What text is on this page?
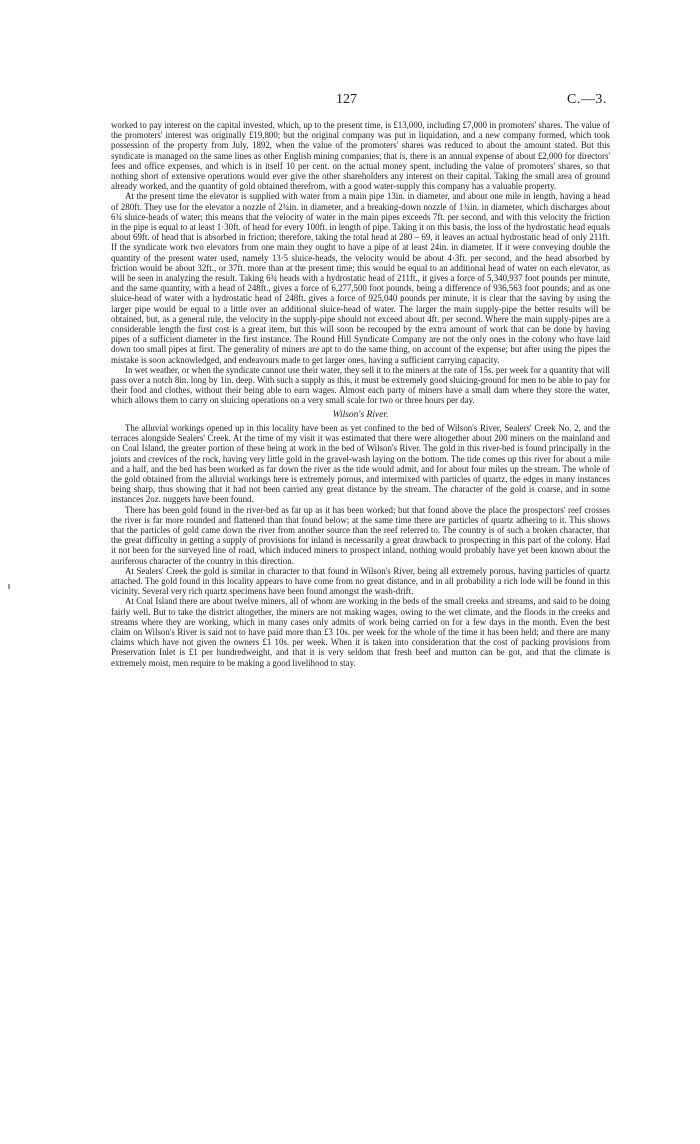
127	C.—3.

worked to pay interest on the capital invested, which, up to the present time, is £13,000, including £7,000 in promoters' shares. The value of the promoters' interest was originally £19,800; but the original company was put in liquidation, and a new company formed, which took possession of the property from July, 1892, when the value of the promoters' shares was reduced to about the amount stated. But this syndicate is managed on the same lines as other English mining companies; that is, there is an annual expense of about £2,000 for directors' fees and office expenses, and which is in itself 10 per cent. on the actual money spent, including the value of promoters' shares, so that nothing short of extensive operations would ever give the other shareholders any interest on their capital. Taking the small area of ground already worked, and the quantity of gold obtained therefrom, with a good water-supply this company has a valuable property.

At the present time the elevator is supplied with water from a main pipe 13in. in diameter, and about one mile in length, having a head of 280ft. They use for the elevator a nozzle of 2¾in. in diameter, and a breaking-down nozzle of 1¾in. in diameter, which discharges about 6¾ sluice-heads of water; this means that the velocity of water in the main pipes exceeds 7ft. per second, and with this velocity the friction in the pipe is equal to at least 1·30ft. of head for every 100ft. in length of pipe. Taking it on this basis, the loss of the hydrostatic head equals about 69ft. of head that is absorbed in friction; therefore, taking the total head at 280 – 69, it leaves an actual hydrostatic head of only 211ft. If the syndicate work two elevators from one main they ought to have a pipe of at least 24in. in diameter. If it were conveying double the quantity of the present water used, namely 13·5 sluice-heads, the velocity would be about 4·3ft. per second, and the head absorbed by friction would be about 32ft., or 37ft. more than at the present time; this would be equal to an additional head of water on each elevator, as will be seen in analyzing the result. Taking 6¾ heads with a hydrostatic head of 211ft., it gives a force of 5,340,937 foot pounds per minute, and the same quantity, with a head of 248ft., gives a force of 6,277,500 foot pounds, being a difference of 936,563 foot pounds; and as one sluice-head of water with a hydrostatic head of 248ft. gives a force of 925,040 pounds per minute, it is clear that the saving by using the larger pipe would be equal to a little over an additional sluice-head of water. The larger the main supply-pipe the better results will be obtained, but, as a general rule, the velocity in the supply-pipe should not exceed about 4ft. per second. Where the main supply-pipes are a considerable length the first cost is a great item, but this will soon be recouped by the extra amount of work that can be done by having pipes of a sufficient diameter in the first instance. The Round Hill Syndicate Company are not the only ones in the colony who have laid down too small pipes at first. The generality of miners are apt to do the same thing, on account of the expense; but after using the pipes the mistake is soon acknowledged, and endeavours made to get larger ones, having a sufficient carrying capacity.

In wet weather, or when the syndicate cannot use their water, they sell it to the miners at the rate of 15s. per week for a quantity that will pass over a notch 8in. long by 1in. deep. With such a supply as this, it must be extremely good sluicing-ground for men to be able to pay for their food and clothes, without their being able to earn wages. Almost each party of miners have a small dam where they store the water, which allows them to carry on sluicing operations on a very small scale for two or three hours per day.

Wilson's River.

The alluvial workings opened up in this locality have been as yet confined to the bed of Wilson's River, Sealers' Creek No. 2, and the terraces alongside Sealers' Creek. At the time of my visit it was estimated that there were altogether about 200 miners on the mainland and on Coal Island, the greater portion of these being at work in the bed of Wilson's River. The gold in this river-bed is found principally in the joints and crevices of the rock, having very little gold in the gravel-wash laying on the bottom. The tide comes up this river for about a mile and a half, and the bed has been worked as far down the river as the tide would admit, and for about four miles up the stream. The whole of the gold obtained from the alluvial workings here is extremely porous, and intermixed with particles of quartz, the edges in many instances being sharp, thus showing that it had not been carried any great distance by the stream. The character of the gold is coarse, and in some instances 2oz. nuggets have been found.

There has been gold found in the river-bed as far up as it has been worked; but that found above the place the prospectors' reef crosses the river is far more rounded and flattened than that found below; at the same time there are particles of quartz adhering to it. This shows that the particles of gold came down the river from another source than the reef referred to. The country is of such a broken character, that the great difficulty in getting a supply of provisions for inland is necessarily a great drawback to prospecting in this part of the colony. Had it not been for the surveyed line of road, which induced miners to prospect inland, nothing would probably have yet been known about the auriferous character of the country in this direction.

At Sealers' Creek the gold is similar in character to that found in Wilson's River, being all extremely porous, having particles of quartz attached. The gold found in this locality appears to have come from no great distance, and in all probability a rich lode will be found in this vicinity. Several very rich quartz specimens have been found amongst the wash-drift.

At Coal Island there are about twelve miners, all of whom are working in the beds of the small creeks and streams, and said to be doing fairly well. But to take the district altogether, the miners are not making wages, owing to the wet climate, and the floods in the creeks and streams where they are working, which in many cases only admits of work being carried on for a few days in the month. Even the best claim on Wilson's River is said not to have paid more than £3 10s. per week for the whole of the time it has been held; and there are many claims which have not given the owners £1 10s. per week. When it is taken into consideration that the cost of packing provisions from Preservation Inlet is £1 per hundredweight, and that it is very seldom that fresh beef and mutton can be got, and that the climate is extremely moist, men require to be making a good livelihood to stay.
